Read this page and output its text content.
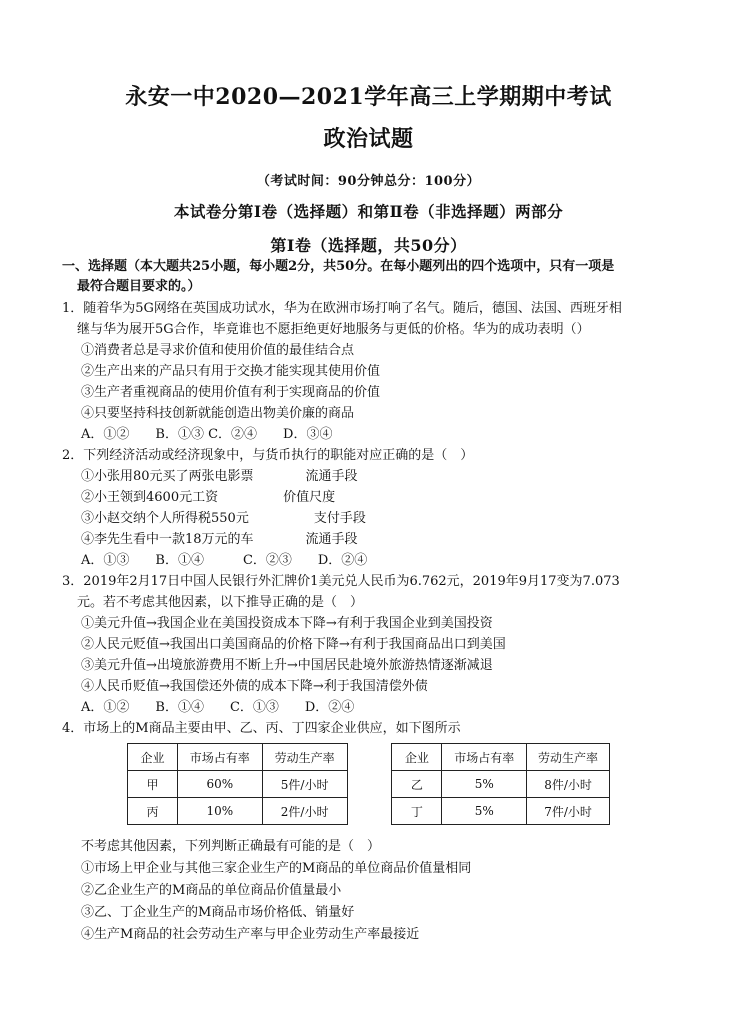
永安一中2020—2021学年高三上学期期中考试
政治试题
（考试时间：90分钟总分：100分）
本试卷分第Ⅰ卷（选择题）和第Ⅱ卷（非选择题）两部分
第Ⅰ卷（选择题，共50分）
一、选择题（本大题共25小题，每小题2分，共50分。在每小题列出的四个选项中，只有一项是
最符合题目要求的。）
1．随着华为5G网络在英国成功试水，华为在欧洲市场打响了名气。随后，德国、法国、西班牙相
继与华为展开5G合作，毕竟谁也不愿拒绝更好地服务与更低的价格。华为的成功表明（）
①消费者总是寻求价值和使用价值的最佳结合点
②生产出来的产品只有用于交换才能实现其使用价值
③生产者重视商品的使用价值有利于实现商品的价值
④只要坚持科技创新就能创造出物美价廉的商品
A．①②　　B．①③ C．②④　　D．③④
2．下列经济活动或经济现象中，与货币执行的职能对应正确的是（　）
①小张用80元买了两张电影票　　　　流通手段
②小王领到4600元工资　　　　　价值尺度
③小赵交纳个人所得税550元　　　　　支付手段
④李先生看中一款18万元的车　　　　流通手段
A．①③　　B．①④　　　C．②③　　D．②④
3．2019年2月17日中国人民银行外汇牌价1美元兑人民币为6.762元，2019年9月17变为7.073
元。若不考虑其他因素，以下推导正确的是（　）
①美元升值→我国企业在美国投资成本下降→有利于我国企业到美国投资
②人民元贬值→我国出口美国商品的价格下降→有利于我国商品出口到美国
③美元升值→出境旅游费用不断上升→中国居民赴境外旅游热情逐渐减退
④人民币贬值→我国偿还外债的成本下降→利于我国清偿外债
A．①②　　B．①④　　C．①③　　D．②④
4．市场上的M商品主要由甲、乙、丙、丁四家企业供应，如下图所示
企业	市场占有率	劳动生产率		企业	市场占有率	劳动生产率
甲	60%	5件/小时		乙	5%	8件/小时
丙	10%	2件/小时		丁	5%	7件/小时
不考虑其他因素，下列判断正确最有可能的是（　）
①市场上甲企业与其他三家企业生产的M商品的单位商品价值量相同
②乙企业生产的M商品的单位商品价值量最小
③乙、丁企业生产的M商品市场价格低、销量好
④生产M商品的社会劳动生产率与甲企业劳动生产率最接近
